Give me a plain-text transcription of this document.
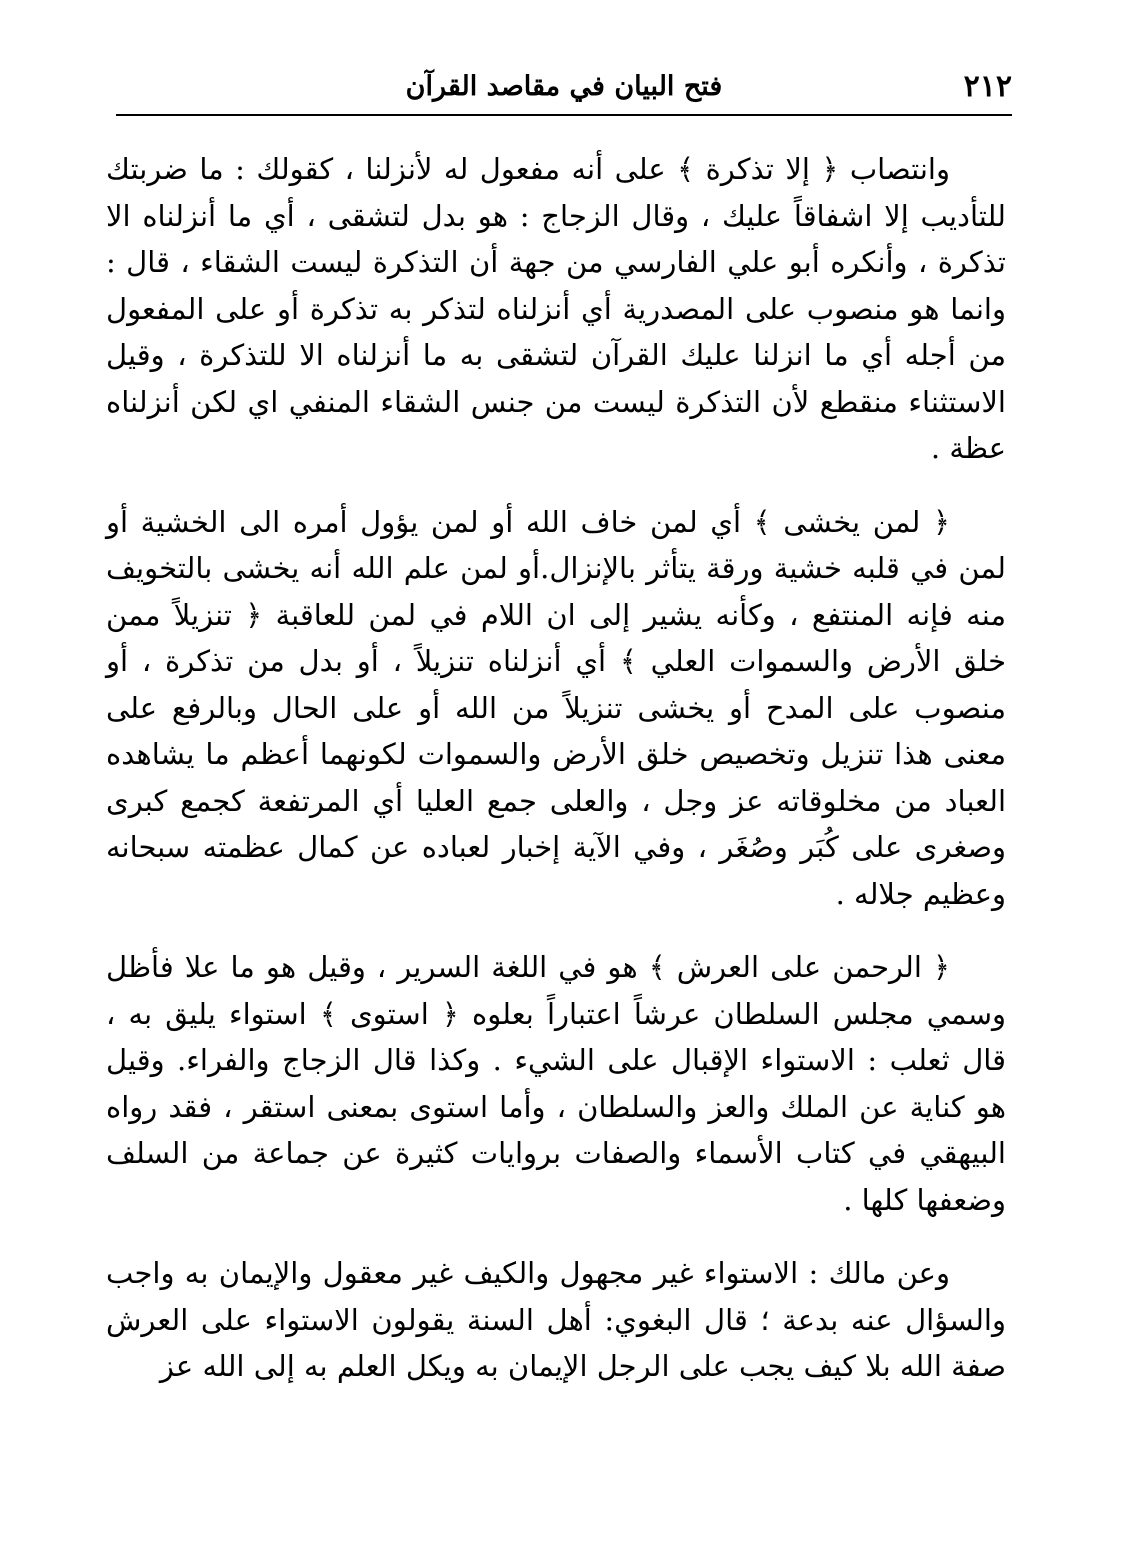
٢١٢
فتح البيان في مقاصد القرآن

وانتصاب ﴿ إلا تذكرة ﴾ على أنه مفعول له لأنزلنا ، كقولك : ما ضربتك للتأديب إلا اشفاقاً عليك ، وقال الزجاج : هو بدل لتشقى ، أي ما أنزلناه الا تذكرة ، وأنكره أبو علي الفارسي من جهة أن التذكرة ليست الشقاء ، قال : وانما هو منصوب على المصدرية أي أنزلناه لتذكر به تذكرة أو على المفعول من أجله أي ما انزلنا عليك القرآن لتشقى به ما أنزلناه الا للتذكرة ، وقيل الاستثناء منقطع لأن التذكرة ليست من جنس الشقاء المنفي اي لكن أنزلناه عظة .

﴿ لمن يخشى ﴾ أي لمن خاف الله أو لمن يؤول أمره الى الخشية أو لمن في قلبه خشية ورقة يتأثر بالإنزال.أو لمن علم الله أنه يخشى بالتخويف منه فإنه المنتفع ، وكأنه يشير إلى ان اللام في لمن للعاقبة ﴿ تنزيلاً ممن خلق الأرض والسموات العلي ﴾ أي أنزلناه تنزيلاً ، أو بدل من تذكرة ، أو منصوب على المدح أو يخشى تنزيلاً من الله أو على الحال وبالرفع على معنى هذا تنزيل وتخصيص خلق الأرض والسموات لكونهما أعظم ما يشاهده العباد من مخلوقاته عز وجل ، والعلى جمع العليا أي المرتفعة كجمع كبرى وصغرى على كُبَر وصُغَر ، وفي الآية إخبار لعباده عن كمال عظمته سبحانه وعظيم جلاله .

﴿ الرحمن على العرش ﴾ هو في اللغة السرير ، وقيل هو ما علا فأظل وسمي مجلس السلطان عرشاً اعتباراً بعلوه ﴿ استوى ﴾ استواء يليق به ، قال ثعلب : الاستواء الإقبال على الشيء . وكذا قال الزجاج والفراء. وقيل هو كناية عن الملك والعز والسلطان ، وأما استوى بمعنى استقر ، فقد رواه البيهقي في كتاب الأسماء والصفات بروايات كثيرة عن جماعة من السلف وضعفها كلها .

وعن مالك : الاستواء غير مجهول والكيف غير معقول والإيمان به واجب والسؤال عنه بدعة ؛ قال البغوي: أهل السنة يقولون الاستواء على العرش صفة الله بلا كيف يجب على الرجل الإيمان به ويكل العلم به إلى الله عز
